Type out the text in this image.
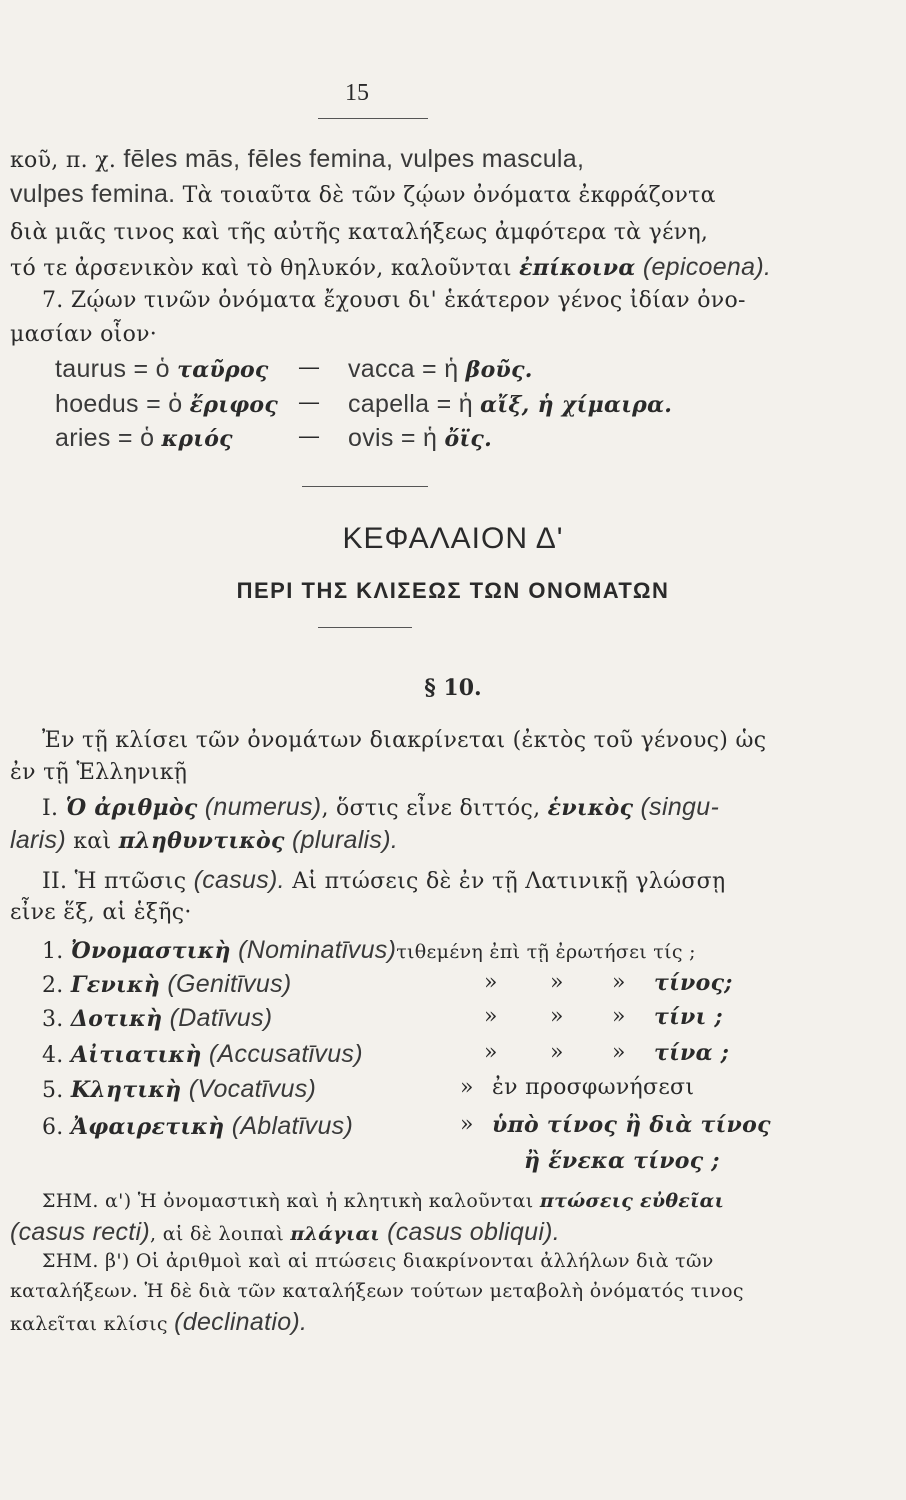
15
κοῦ, π. χ. fēles mās, fēles femina, vulpes mascula,
vulpes femina. Τὰ τοιαῦτα δὲ τῶν ζῴων ὀνόματα ἐκφράζοντα
διὰ μιᾶς τινος καὶ τῆς αὐτῆς καταλήξεως ἀμφότερα τὰ γένη,
τό τε ἀρσενικὸν καὶ τὸ θηλυκόν, καλοῦνται ἐπίκοινα (epicoena).
7. Ζῴων τινῶν ὀνόματα ἔχουσι δι' ἑκάτερον γένος ἰδίαν ὀνο-
μασίαν οἷον·
taurus = ὁ ταῦρος — vacca = ἡ βοῦς.
hoedus = ὁ ἔριφος — capella = ἡ αἴξ, ἡ χίμαιρα.
aries = ὁ κριός	— ovis = ἡ ὄϊς.
ΚΕΦΑΛΑΙΟΝ Δ'
ΠΕΡΙ ΤΗΣ ΚΛΙΣΕΩΣ ΤΩΝ ΟΝΟΜΑΤΩΝ
§ 10.
Ἐν τῇ κλίσει τῶν ὀνομάτων διακρίνεται (ἐκτὸς τοῦ γένους) ὡς
ἐν τῇ Ἑλληνικῇ
I. Ὁ ἀριθμὸς (numerus), ὅστις εἶνε διττός, ἑνικὸς (singu-
laris) καὶ πληθυντικὸς (pluralis).
II. Ἡ πτῶσις (casus). Αἱ πτώσεις δὲ ἐν τῇ Λατινικῇ γλώσσῃ
εἶνε ἕξ, αἱ ἑξῆς·
1. Ὀνομαστικὴ (Nominatīvus)τιθεμένη ἐπὶ τῇ ἐρωτήσει τίς ;
2. Γενικὴ (Genitīvus)	» » » τίνος;
3. Δοτικὴ (Datīvus)	» » » τίνι ;
4. Αἰτιατικὴ (Accusatīvus)	» » » τίνα ;
5. Κλητικὴ (Vocatīvus)	» ἐν προσφωνήσεσι
6. Ἀφαιρετικὴ (Ablatīvus)	» ὑπὸ τίνος ἢ διὰ τίνος
ἢ ἕνεκα τίνος ;
ΣΗΜ. α') Ἡ ὀνομαστικὴ καὶ ἡ κλητικὴ καλοῦνται πτώσεις εὐθεῖαι
(casus recti), αἱ δὲ λοιπαὶ πλάγιαι (casus obliqui).
ΣΗΜ. β') Οἱ ἀριθμοὶ καὶ αἱ πτώσεις διακρίνονται ἀλλήλων διὰ τῶν
καταλήξεων. Ἡ δὲ διὰ τῶν καταλήξεων τούτων μεταβολὴ ὀνόματός τινος
καλεῖται κλίσις (declinatio).
